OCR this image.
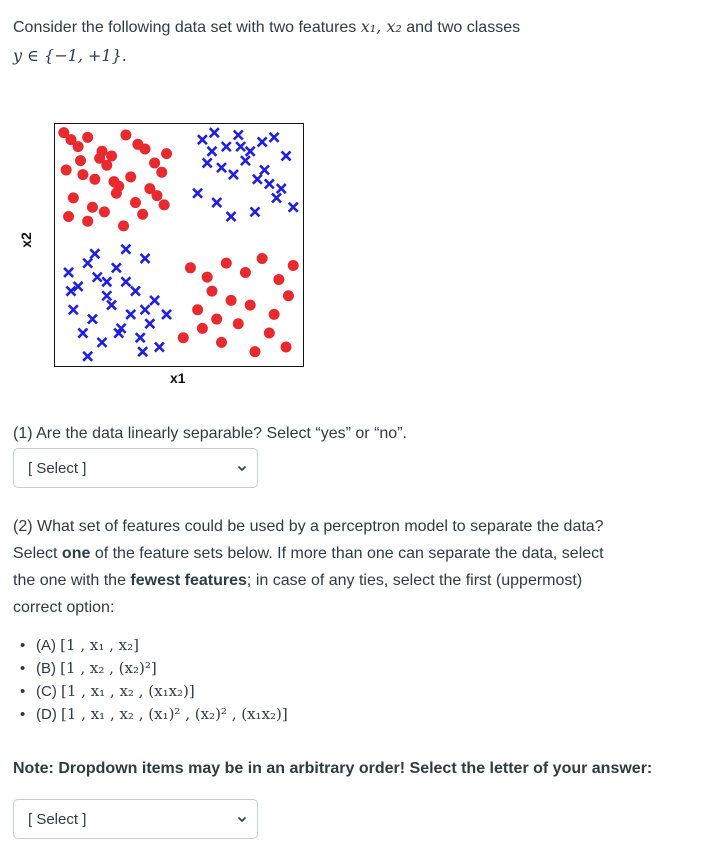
Consider the following data set with two features x₁, x₂ and two classes
y ∈ {−1, +1}.
x2
x1
(1) Are the data linearly separable? Select “yes” or “no”.
[ Select ]
(2) What set of features could be used by a perceptron model to separate the data?
Select one of the feature sets below. If more than one can separate the data, select
the one with the fewest features; in case of any ties, select the first (uppermost)
correct option:
• (A) [1 , x₁ , x₂]
• (B) [1 , x₂ , (x₂)²]
• (C) [1 , x₁ , x₂ , (x₁x₂)]
• (D) [1 , x₁ , x₂ , (x₁)² , (x₂)² , (x₁x₂)]
Note: Dropdown items may be in an arbitrary order! Select the letter of your answer:
[ Select ]
